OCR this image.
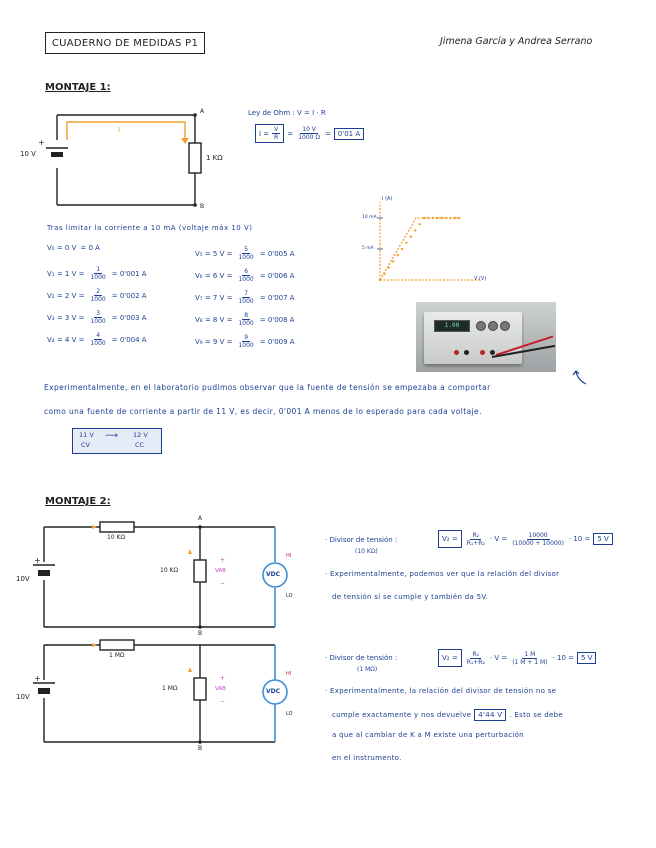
CUADERNO DE MEDIDAS P1	Jimena García y Andrea Serrano
MONTAJE 1:
+
10 V	1 KΩ
A
B
I
Ley de Ohm : V = I · R
$I = \frac{V}{R} = \frac{10 V}{1000 \Omega}$ =	0'01 A
Tras limitar la corriente a 10 mA (voltaje máx 10 V)
V₀ = 0 V = 0 A
V₁ = 1 $V = \frac{1}{1000} = 0'001$ A
V₂ = 2 $V = \frac{2}{1000} = 0'002$ A
V₃ = 3 $V = \frac{3}{1000} = 0'003$ A
V₄ = 4 $V = \frac{4}{1000} = 0'004$ A
V₅ = 5 $V = \frac{5}{1000} = 0'005$ A
V₆ = 6 $V = \frac{6}{1000} = 0'006$ A
V₇ = 7 $V = \frac{7}{1000} = 0'007$ A
V₈ = 8 $V = \frac{8}{1000} = 0'008$ A
V₉ = 9 $V = \frac{9}{1000} = 0'009$ A
I (A)
V (V)
10 mA
5 mA
1.00
Experimentalmente, en el laboratorio pudimos observar que la fuente de tensión se empezaba a comportar
como una fuente de corriente a partir de 11 V, es decir, 0'001 A menos de lo esperado para cada voltaje.
11 V
CV
⟶ 12 V
CC
MONTAJE 2:
+
10V
10 KΩ
10 KΩ
A
B
+
VAB
−
VDC
HI
LO
+
10V
1 MΩ
1 MΩ
B
+
VAB
−
VDC
HI
LO
· Divisor de tensión :
(10 KΩ)
$V_2 = \frac{\text{R₂}}{\text{R₁+R₂}} \cdot V = \frac{10000}{(10000 + 10000)} \cdot 10$ =	5 V
· Experimentalmente, podemos ver que la relación del divisor
de tensión sí se cumple y también da 5V.
· Divisor de tensión :
(1 MΩ)
$V_2 = \frac{\text{R₂}}{\text{R₁+R₂}} \cdot V = \frac{1 M}{(1 M + 1 M)} \cdot 10$ =	5 V
· Experimentalmente, la relación del divisor de tensión no se
cumple exactamente y nos devuelve	4'44 V	. Esto se debe
a que al cambiar de K a M existe una perturbación
en el instrumento.
